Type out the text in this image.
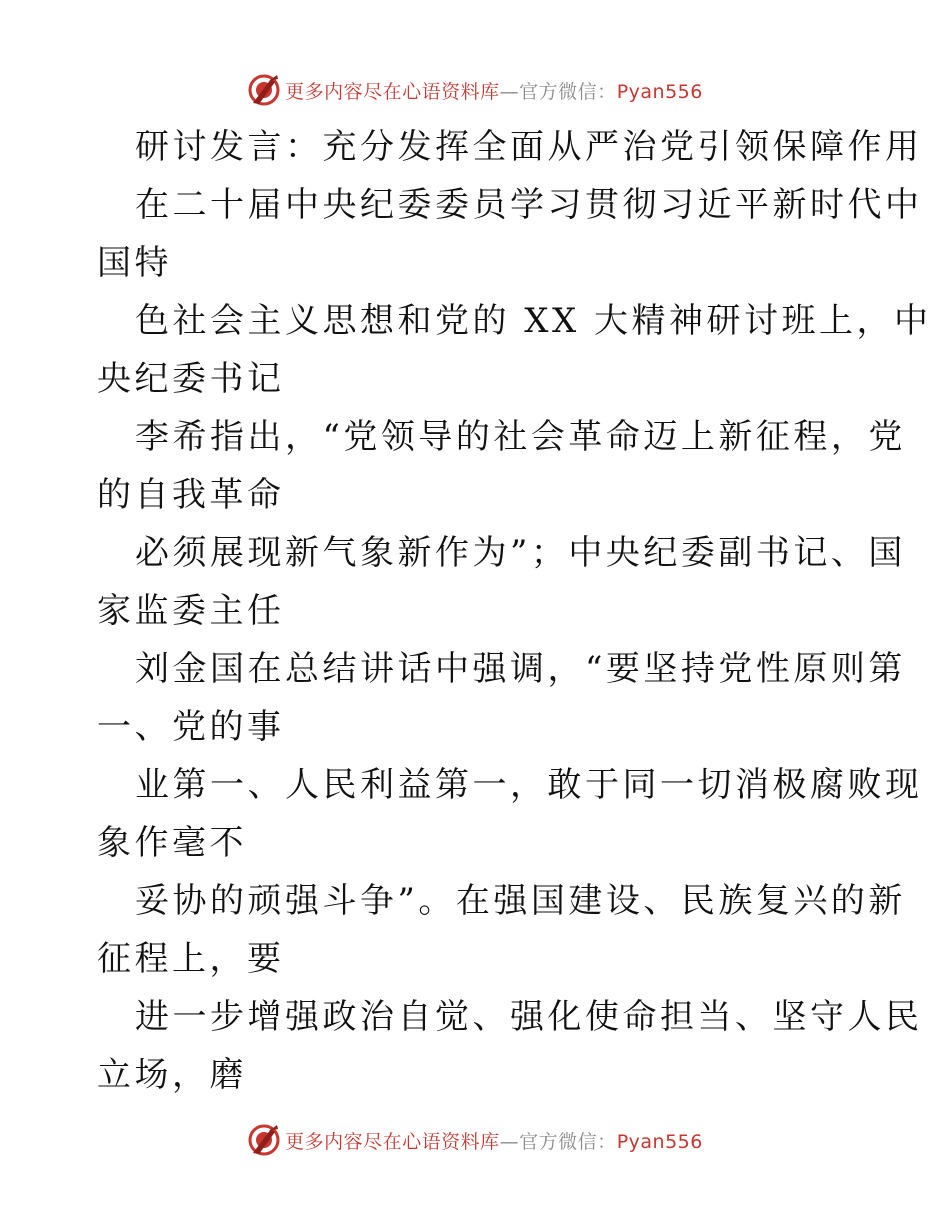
更多内容尽在心语资料库—官方微信：Pyan556
研讨发言：充分发挥全面从严治党引领保障作用
在二十届中央纪委委员学习贯彻习近平新时代中
国特
色社会主义思想和党的 XX 大精神研讨班上，中
央纪委书记
李希指出，“党领导的社会革命迈上新征程，党
的自我革命
必须展现新气象新作为”；中央纪委副书记、国
家监委主任
刘金国在总结讲话中强调，“要坚持党性原则第
一、党的事
业第一、人民利益第一，敢于同一切消极腐败现
象作毫不
妥协的顽强斗争”。在强国建设、民族复兴的新
征程上，要
进一步增强政治自觉、强化使命担当、坚守人民
立场，磨
更多内容尽在心语资料库—官方微信：Pyan556
